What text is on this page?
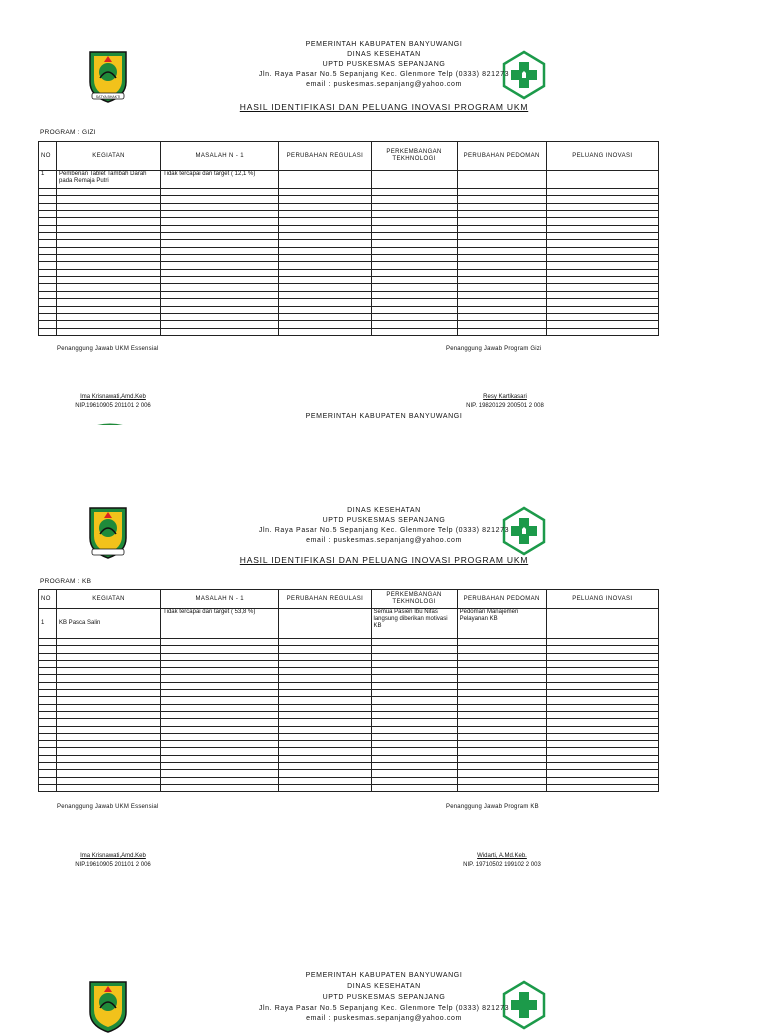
SATYA BHAKTI
PEMERINTAH KABUPATEN BANYUWANGI
DINAS KESEHATAN
UPTD PUSKESMAS SEPANJANG
Jln. Raya Pasar No.5 Sepanjang Kec. Glenmore Telp (0333) 821273
email : puskesmas.sepanjang@yahoo.com
HASIL IDENTIFIKASI DAN PELUANG INOVASI PROGRAM UKM
PROGRAM : GIZI
NO	KEGIATAN	MASALAH N - 1	PERUBAHAN REGULASI	PERKEMBANGAN TEKHNOLOGI	PERUBAHAN PEDOMAN	PELUANG INOVASI
1	Pemberian Tablet Tambah Darah pada Remaja Putri	Tidak tercapai dari target ( 12,1 %)				

Penanggung Jawab UKM Essensial	Penanggung Jawab Program Gizi
Ima Krisnawati,Amd.Keb
NIP.19610905 201101 2 006
Resy Kartikasari
NIP. 19820129 200501 2 008
PEMERINTAH KABUPATEN BANYUWANGI
DINAS KESEHATAN
UPTD PUSKESMAS SEPANJANG
Jln. Raya Pasar No.5 Sepanjang Kec. Glenmore Telp (0333) 821273
email : puskesmas.sepanjang@yahoo.com
HASIL IDENTIFIKASI DAN PELUANG INOVASI PROGRAM UKM
PROGRAM : KB
NO	KEGIATAN	MASALAH N - 1	PERUBAHAN REGULASI	PERKEMBANGAN TEKHNOLOGI	PERUBAHAN PEDOMAN	PELUANG INOVASI
1	KB Pasca Salin	Tidak tercapai dari target ( 53,8 %)		Semua Pasien Ibu Nifas langsung diberikan motivasi KB	Pedoman Manajemen Pelayanan KB	

Penanggung Jawab UKM Essensial	Penanggung Jawab Program KB
Ima Krisnawati,Amd.Keb
NIP.19610905 201101 2 006
Widarti, A.Md.Keb.
NIP. 19710502 199102 2 003
PEMERINTAH KABUPATEN BANYUWANGI
DINAS KESEHATAN
UPTD PUSKESMAS SEPANJANG
Jln. Raya Pasar No.5 Sepanjang Kec. Glenmore Telp (0333) 821273
email : puskesmas.sepanjang@yahoo.com
